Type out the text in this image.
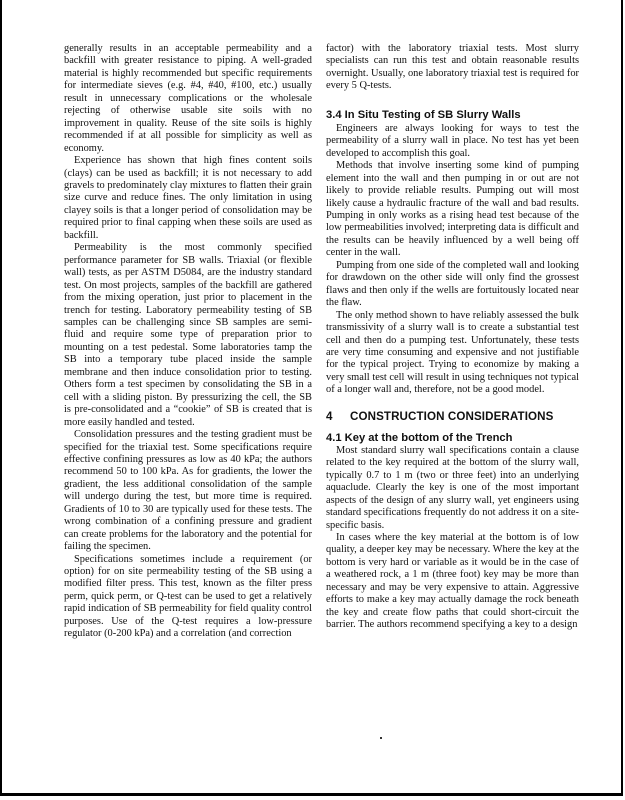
generally results in an acceptable permeability and a backfill with greater resistance to piping. A well-graded material is highly recommended but specific requirements for intermediate sieves (e.g. #4, #40, #100, etc.) usually result in unnecessary complications or the wholesale rejecting of otherwise usable site soils with no improvement in quality. Reuse of the site soils is highly recommended if at all possible for simplicity as well as economy.

Experience has shown that high fines content soils (clays) can be used as backfill; it is not necessary to add gravels to predominately clay mixtures to flatten their grain size curve and reduce fines. The only limitation in using clayey soils is that a longer period of consolidation may be required prior to final capping when these soils are used as backfill.

Permeability is the most commonly specified performance parameter for SB walls. Triaxial (or flexible wall) tests, as per ASTM D5084, are the industry standard test. On most projects, samples of the backfill are gathered from the mixing operation, just prior to placement in the trench for testing. Laboratory permeability testing of SB samples can be challenging since SB samples are semi-fluid and require some type of preparation prior to mounting on a test pedestal. Some laboratories tamp the SB into a temporary tube placed inside the sample membrane and then induce consolidation prior to testing. Others form a test specimen by consolidating the SB in a cell with a sliding piston. By pressurizing the cell, the SB is pre-consolidated and a “cookie” of SB is created that is more easily handled and tested.

Consolidation pressures and the testing gradient must be specified for the triaxial test. Some specifications require effective confining pressures as low as 40 kPa; the authors recommend 50 to 100 kPa. As for gradients, the lower the gradient, the less additional consolidation of the sample will undergo during the test, but more time is required. Gradients of 10 to 30 are typically used for these tests. The wrong combination of a confining pressure and gradient can create problems for the laboratory and the potential for failing the specimen.

Specifications sometimes include a requirement (or option) for on site permeability testing of the SB using a modified filter press. This test, known as the filter press perm, quick perm, or Q-test can be used to get a relatively rapid indication of SB permeability for field quality control purposes. Use of the Q-test requires a low-pressure regulator (0-200 kPa) and a correlation (and correction

factor) with the laboratory triaxial tests. Most slurry specialists can run this test and obtain reasonable results overnight. Usually, one laboratory triaxial test is required for every 5 Q-tests.

3.4 In Situ Testing of SB Slurry Walls

Engineers are always looking for ways to test the permeability of a slurry wall in place. No test has yet been developed to accomplish this goal.

Methods that involve inserting some kind of pumping element into the wall and then pumping in or out are not likely to provide reliable results. Pumping out will most likely cause a hydraulic fracture of the wall and bad results. Pumping in only works as a rising head test because of the low permeabilities involved; interpreting data is difficult and the results can be heavily influenced by a well being off center in the wall.

Pumping from one side of the completed wall and looking for drawdown on the other side will only find the grossest flaws and then only if the wells are fortuitously located near the flaw.

The only method shown to have reliably assessed the bulk transmissivity of a slurry wall is to create a substantial test cell and then do a pumping test. Unfortunately, these tests are very time consuming and expensive and not justifiable for the typical project. Trying to economize by making a very small test cell will result in using techniques not typical of a longer wall and, therefore, not be a good model.

4 CONSTRUCTION CONSIDERATIONS
4.1 Key at the bottom of the Trench

Most standard slurry wall specifications contain a clause related to the key required at the bottom of the slurry wall, typically 0.7 to 1 m (two or three feet) into an underlying aquaclude. Clearly the key is one of the most important aspects of the design of any slurry wall, yet engineers using standard specifications frequently do not address it on a site-specific basis.

In cases where the key material at the bottom is of low quality, a deeper key may be necessary. Where the key at the bottom is very hard or variable as it would be in the case of a weathered rock, a 1 m (three foot) key may be more than necessary and may be very expensive to attain. Aggressive efforts to make a key may actually damage the rock beneath the key and create flow paths that could short-circuit the barrier. The authors recommend specifying a key to a design
